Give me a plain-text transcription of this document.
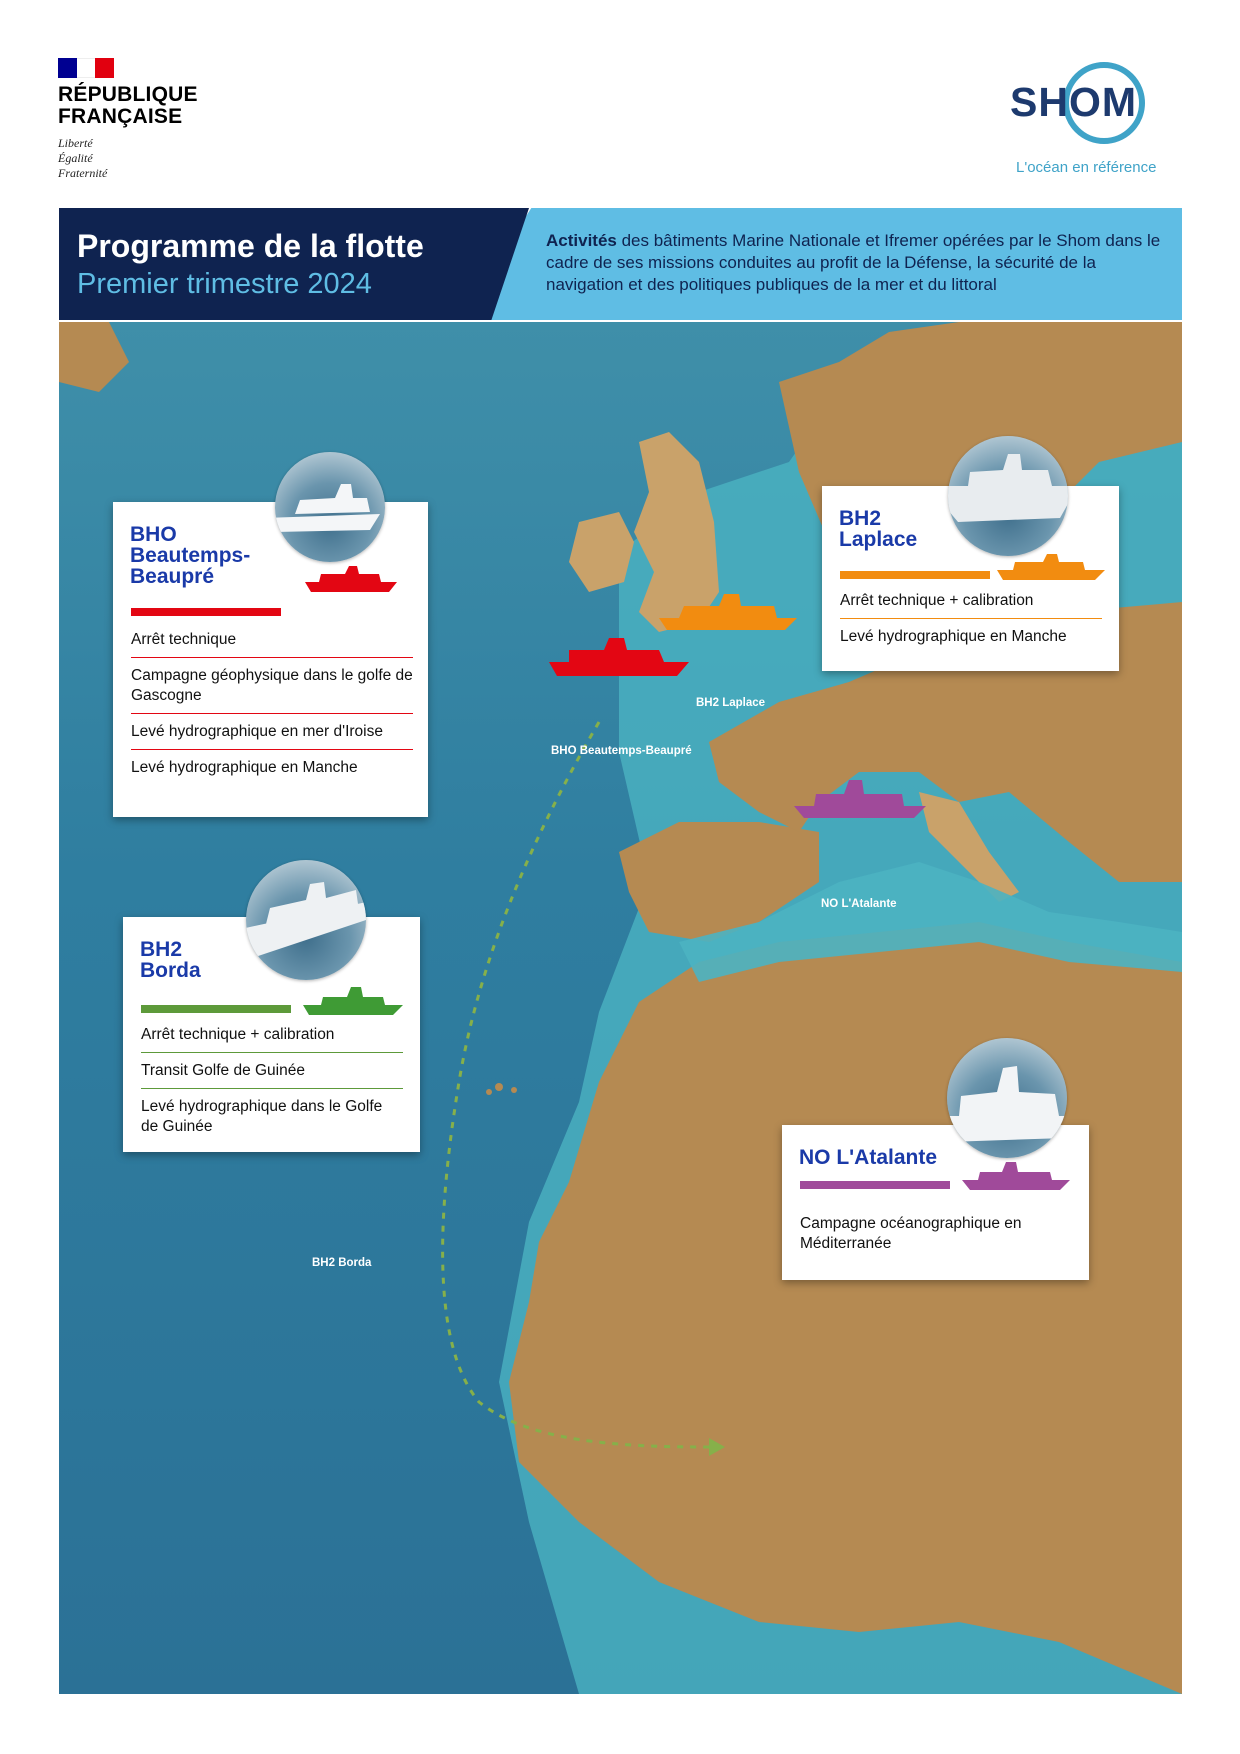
RÉPUBLIQUE
FRANÇAISE
Liberté
Égalité
Fraternité
SHOM
L'océan en référence
Programme de la flotte
Premier trimestre 2024
Activités des bâtiments Marine Nationale et Ifremer opérées par le Shom dans le cadre de ses missions conduites au profit de la Défense, la sécurité de la navigation et des politiques publiques de la mer et du littoral
BH2 Laplace
BHO Beautemps-Beaupré
NO L'Atalante
BH2 Borda
BHO
Beautemps-
Beaupré
Arrêt technique
Campagne géophysique dans le golfe de Gascogne
Levé hydrographique en mer d'Iroise
Levé hydrographique en Manche
BH2
Laplace
Arrêt technique + calibration
Levé hydrographique en Manche
BH2
Borda
Arrêt technique + calibration
Transit Golfe de Guinée
Levé hydrographique dans le Golfe de Guinée
NO L'Atalante
Campagne océanographique en Méditerranée
